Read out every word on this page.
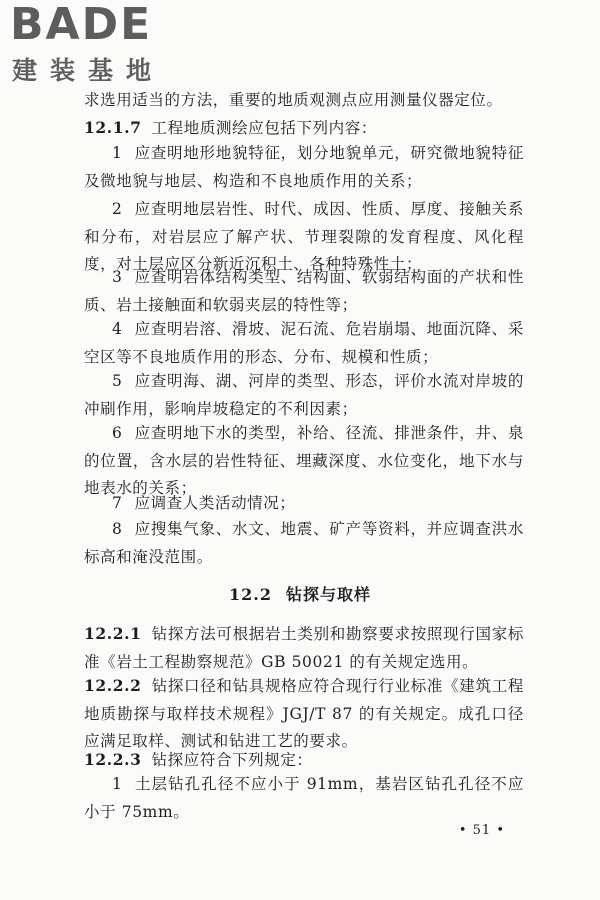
BADE
建装基地

求选用适当的方法，重要的地质观测点应用测量仪器定位。

12.1.7 工程地质测绘应包括下列内容：

1 应查明地形地貌特征，划分地貌单元，研究微地貌特征及微地貌与地层、构造和不良地质作用的关系；

2 应查明地层岩性、时代、成因、性质、厚度、接触关系和分布，对岩层应了解产状、节理裂隙的发育程度、风化程度，对土层应区分新近沉积土、各种特殊性土；

3 应查明岩体结构类型、结构面、软弱结构面的产状和性质、岩土接触面和软弱夹层的特性等；

4 应查明岩溶、滑坡、泥石流、危岩崩塌、地面沉降、采空区等不良地质作用的形态、分布、规模和性质；

5 应查明海、湖、河岸的类型、形态，评价水流对岸坡的冲刷作用，影响岸坡稳定的不利因素；

6 应查明地下水的类型，补给、径流、排泄条件，井、泉的位置，含水层的岩性特征、埋藏深度、水位变化，地下水与地表水的关系；

7 应调查人类活动情况；

8 应搜集气象、水文、地震、矿产等资料，并应调查洪水标高和淹没范围。

12.2 钻探与取样

12.2.1 钻探方法可根据岩土类别和勘察要求按照现行国家标准《岩土工程勘察规范》GB 50021 的有关规定选用。

12.2.2 钻探口径和钻具规格应符合现行行业标准《建筑工程地质勘探与取样技术规程》JGJ/T 87 的有关规定。成孔口径应满足取样、测试和钻进工艺的要求。

12.2.3 钻探应符合下列规定：

1 土层钻孔孔径不应小于 91mm，基岩区钻孔孔径不应小于 75mm。

• 51 •
